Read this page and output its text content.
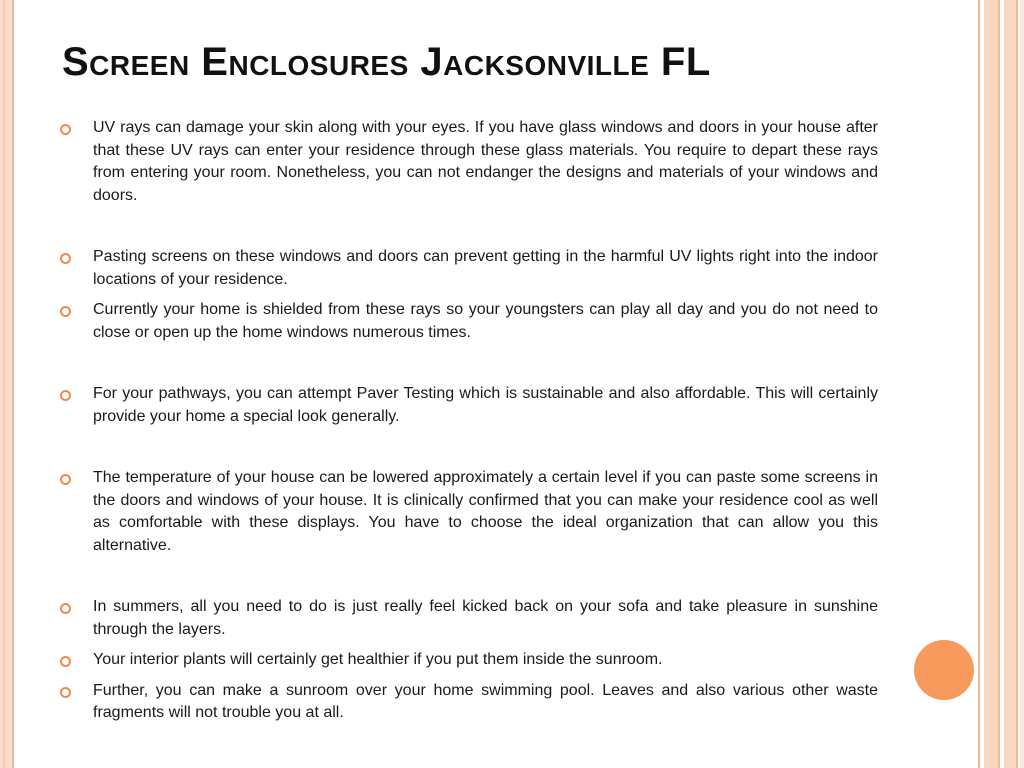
Screen Enclosures Jacksonville FL
UV rays can damage your skin along with your eyes. If you have glass windows and doors in your house after that these UV rays can enter your residence through these glass materials. You require to depart these rays from entering your room. Nonetheless, you can not endanger the designs and materials of your windows and doors.
Pasting screens on these windows and doors can prevent getting in the harmful UV lights right into the indoor locations of your residence.
Currently your home is shielded from these rays so your youngsters can play all day and you do not need to close or open up the home windows numerous times.
For your pathways, you can attempt Paver Testing which is sustainable and also affordable. This will certainly provide your home a special look generally.
The temperature of your house can be lowered approximately a certain level if you can paste some screens in the doors and windows of your house. It is clinically confirmed that you can make your residence cool as well as comfortable with these displays. You have to choose the ideal organization that can allow you this alternative.
In summers, all you need to do is just really feel kicked back on your sofa and take pleasure in sunshine through the layers.
Your interior plants will certainly get healthier if you put them inside the sunroom.
Further, you can make a sunroom over your home swimming pool. Leaves and also various other waste fragments will not trouble you at all.
